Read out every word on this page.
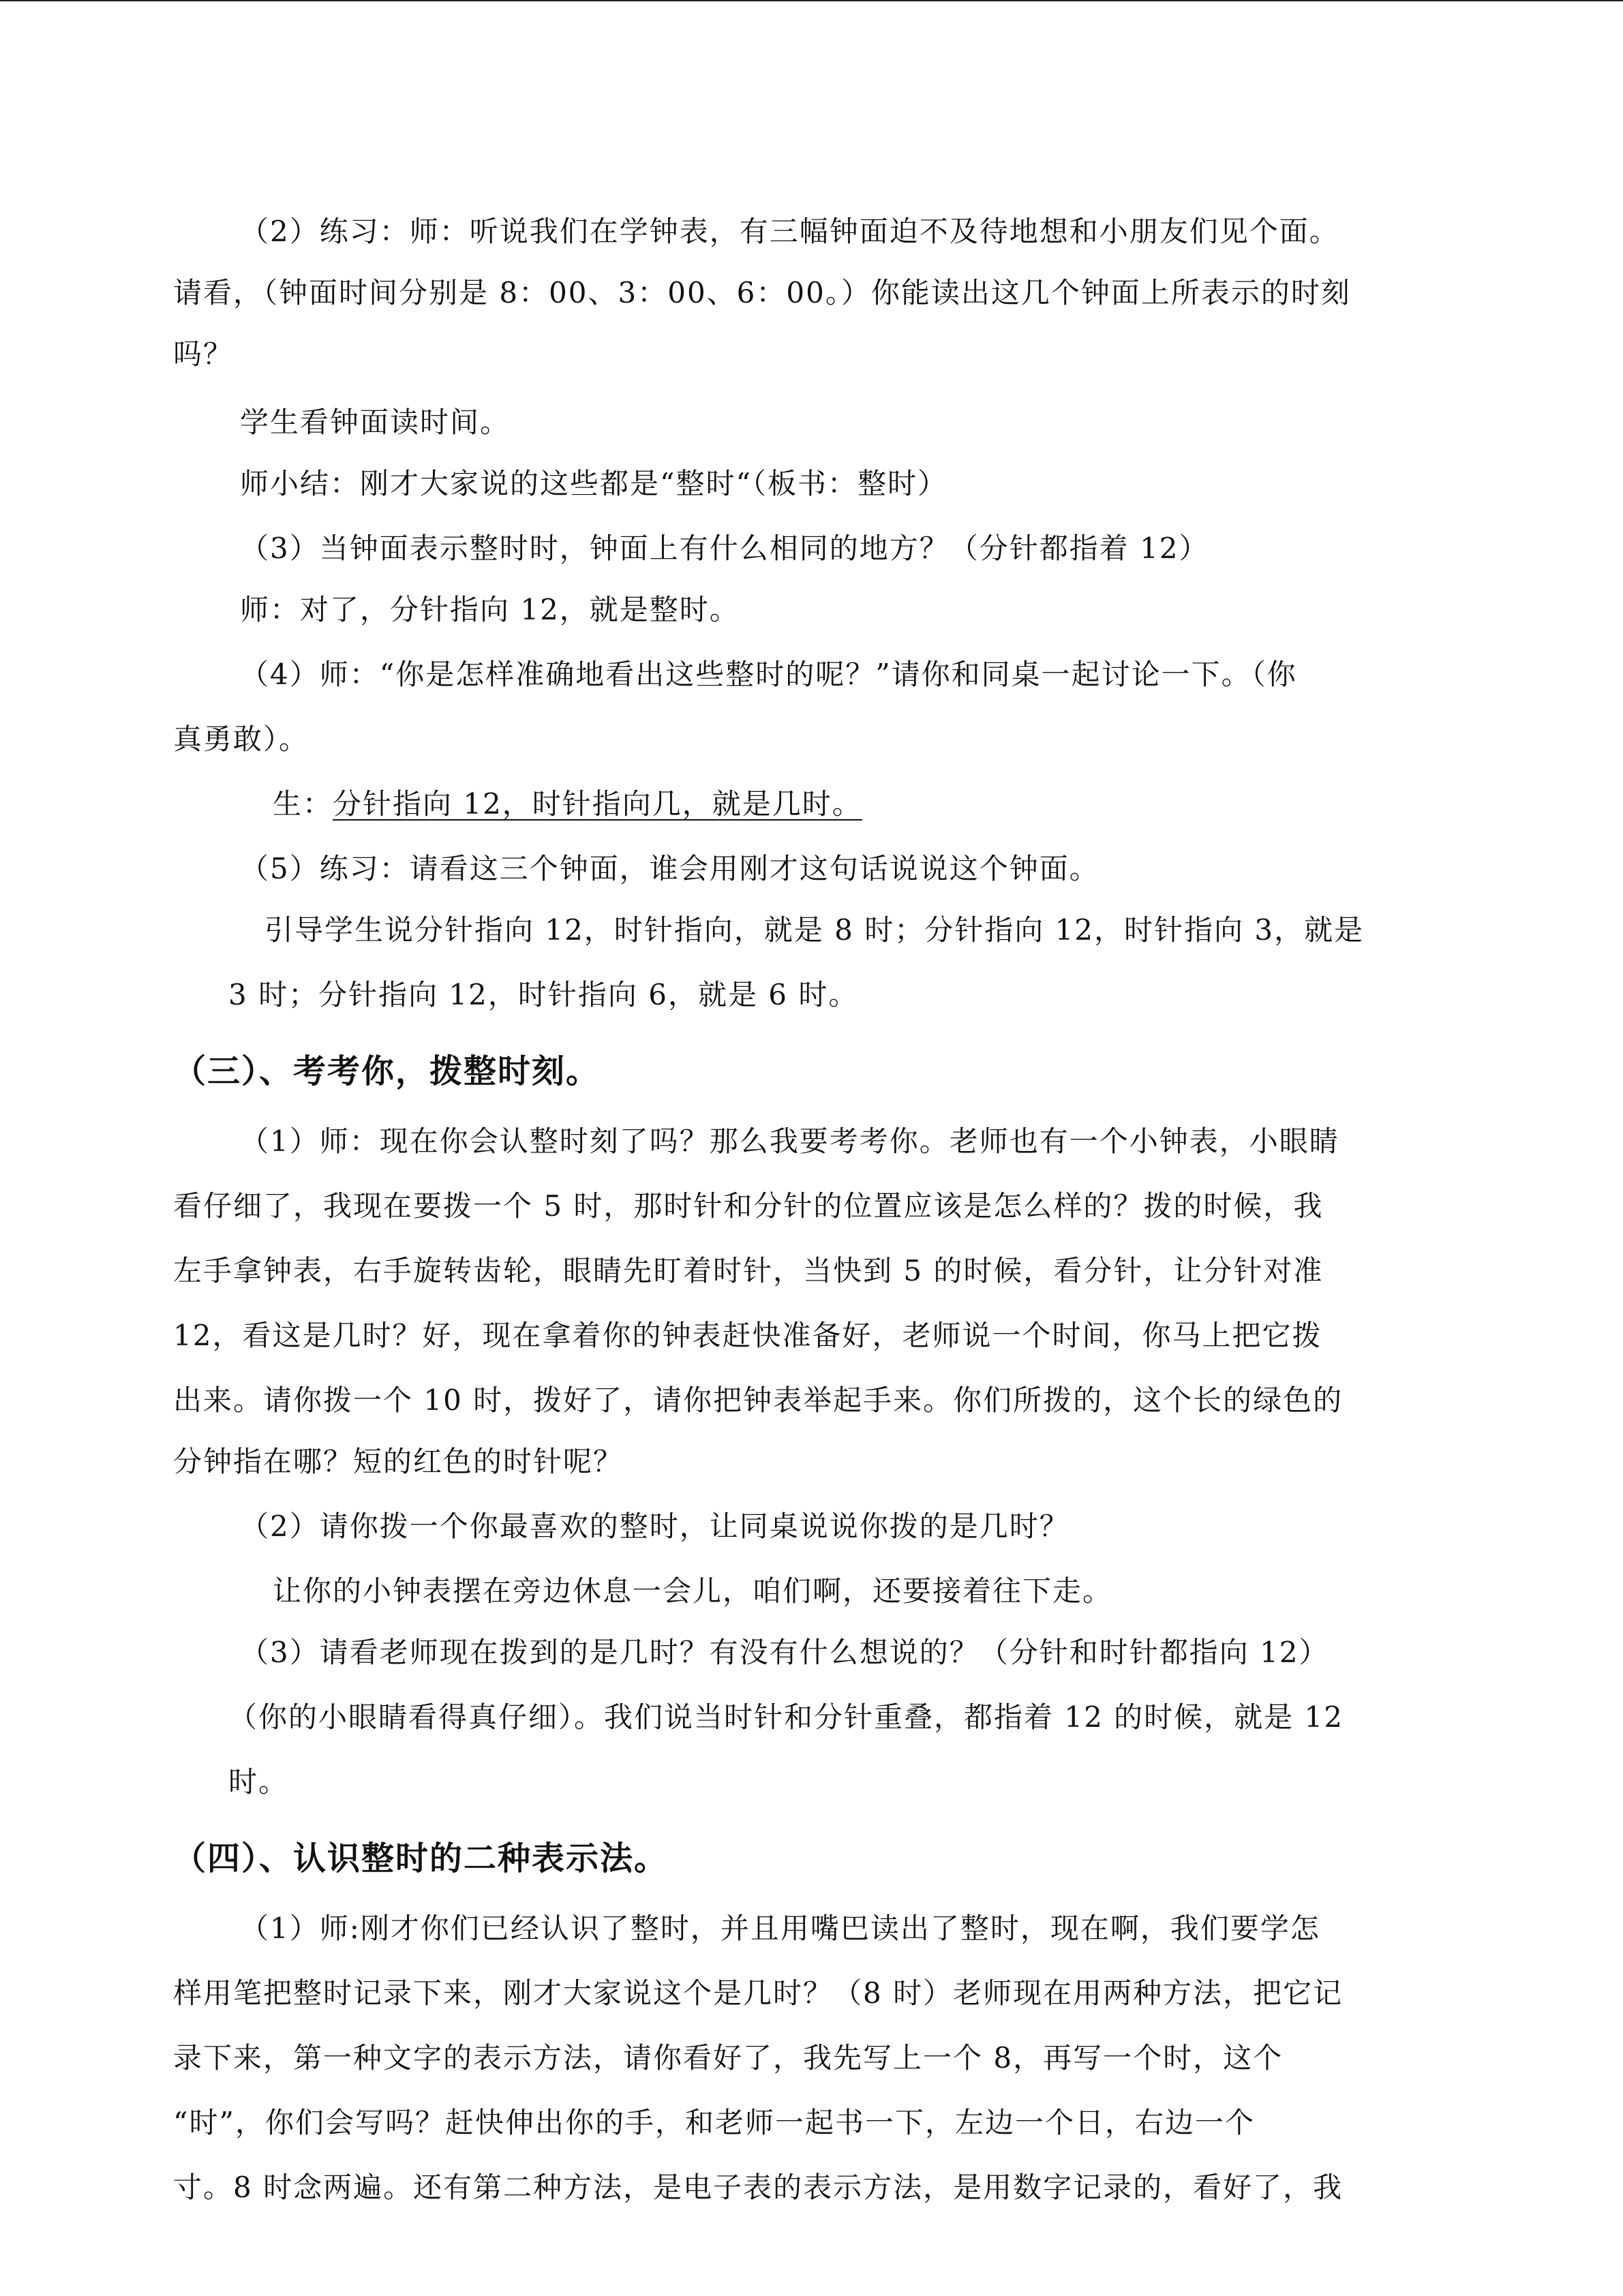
（2）练习：师：听说我们在学钟表，有三幅钟面迫不及待地想和小朋友们见个面。
请看，（钟面时间分别是 8：00、3：00、6：00。）你能读出这几个钟面上所表示的时刻
吗？
学生看钟面读时间。
师小结：刚才大家说的这些都是“整时“（板书：整时）
（3）当钟面表示整时时，钟面上有什么相同的地方？（分针都指着 12）
师：对了，分针指向 12，就是整时。
（4）师：“你是怎样准确地看出这些整时的呢？”请你和同桌一起讨论一下。（你
真勇敢）。
生：分针指向 12，时针指向几，就是几时。
（5）练习：请看这三个钟面，谁会用刚才这句话说说这个钟面。
引导学生说分针指向 12，时针指向，就是 8 时；分针指向 12，时针指向 3，就是
3 时；分针指向 12，时针指向 6，就是 6 时。
（三）、考考你，拨整时刻。
（1）师：现在你会认整时刻了吗？那么我要考考你。老师也有一个小钟表，小眼睛
看仔细了，我现在要拨一个 5 时，那时针和分针的位置应该是怎么样的？拨的时候，我
左手拿钟表，右手旋转齿轮，眼睛先盯着时针，当快到 5 的时候，看分针，让分针对准
12，看这是几时？好，现在拿着你的钟表赶快准备好，老师说一个时间，你马上把它拨
出来。请你拨一个 10 时，拨好了，请你把钟表举起手来。你们所拨的，这个长的绿色的
分钟指在哪？短的红色的时针呢？
（2）请你拨一个你最喜欢的整时，让同桌说说你拨的是几时？
让你的小钟表摆在旁边休息一会儿，咱们啊，还要接着往下走。
（3）请看老师现在拨到的是几时？有没有什么想说的？（分针和时针都指向 12）
（你的小眼睛看得真仔细）。我们说当时针和分针重叠，都指着 12 的时候，就是 12
时。
（四）、认识整时的二种表示法。
（1）师:刚才你们已经认识了整时，并且用嘴巴读出了整时，现在啊，我们要学怎
样用笔把整时记录下来，刚才大家说这个是几时？（8 时）老师现在用两种方法，把它记
录下来，第一种文字的表示方法，请你看好了，我先写上一个 8，再写一个时，这个
“时”，你们会写吗？赶快伸出你的手，和老师一起书一下，左边一个日，右边一个
寸。8 时念两遍。还有第二种方法，是电子表的表示方法，是用数字记录的，看好了，我
